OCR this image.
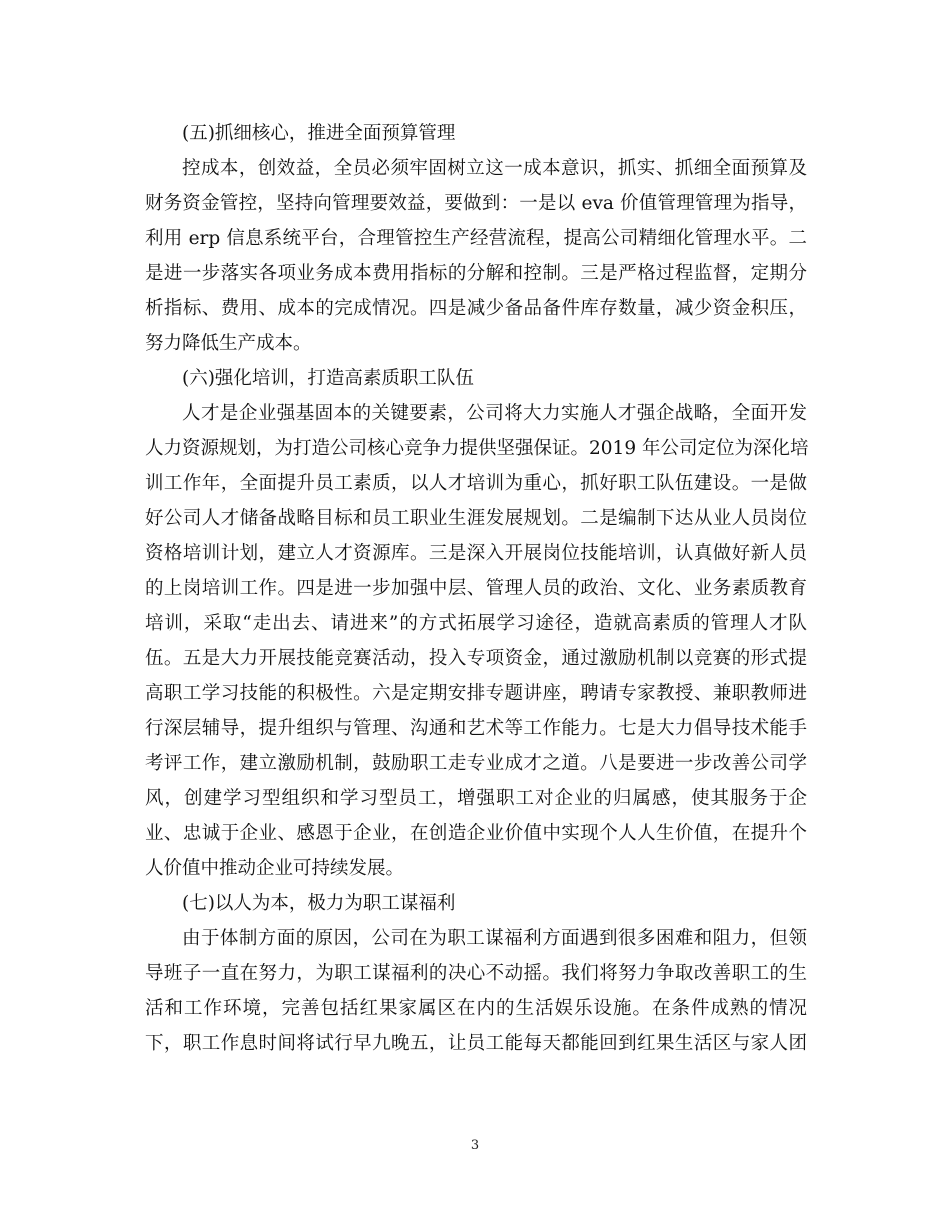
(五)抓细核心，推进全面预算管理
控成本，创效益，全员必须牢固树立这一成本意识，抓实、抓细全面预算及
财务资金管控，坚持向管理要效益，要做到：一是以 eva 价值管理管理为指导，
利用 erp 信息系统平台，合理管控生产经营流程，提高公司精细化管理水平。二
是进一步落实各项业务成本费用指标的分解和控制。三是严格过程监督，定期分
析指标、费用、成本的完成情况。四是减少备品备件库存数量，减少资金积压，
努力降低生产成本。
(六)强化培训，打造高素质职工队伍
人才是企业强基固本的关键要素，公司将大力实施人才强企战略，全面开发
人力资源规划，为打造公司核心竞争力提供坚强保证。2019 年公司定位为深化培
训工作年，全面提升员工素质，以人才培训为重心，抓好职工队伍建设。一是做
好公司人才储备战略目标和员工职业生涯发展规划。二是编制下达从业人员岗位
资格培训计划，建立人才资源库。三是深入开展岗位技能培训，认真做好新人员
的上岗培训工作。四是进一步加强中层、管理人员的政治、文化、业务素质教育
培训，采取“走出去、请进来”的方式拓展学习途径，造就高素质的管理人才队
伍。五是大力开展技能竞赛活动，投入专项资金，通过激励机制以竞赛的形式提
高职工学习技能的积极性。六是定期安排专题讲座，聘请专家教授、兼职教师进
行深层辅导，提升组织与管理、沟通和艺术等工作能力。七是大力倡导技术能手
考评工作，建立激励机制，鼓励职工走专业成才之道。八是要进一步改善公司学
风，创建学习型组织和学习型员工，增强职工对企业的归属感，使其服务于企
业、忠诚于企业、感恩于企业，在创造企业价值中实现个人人生价值，在提升个
人价值中推动企业可持续发展。
(七)以人为本，极力为职工谋福利
由于体制方面的原因，公司在为职工谋福利方面遇到很多困难和阻力，但领
导班子一直在努力，为职工谋福利的决心不动摇。我们将努力争取改善职工的生
活和工作环境，完善包括红果家属区在内的生活娱乐设施。在条件成熟的情况
下，职工作息时间将试行早九晚五，让员工能每天都能回到红果生活区与家人团
3
